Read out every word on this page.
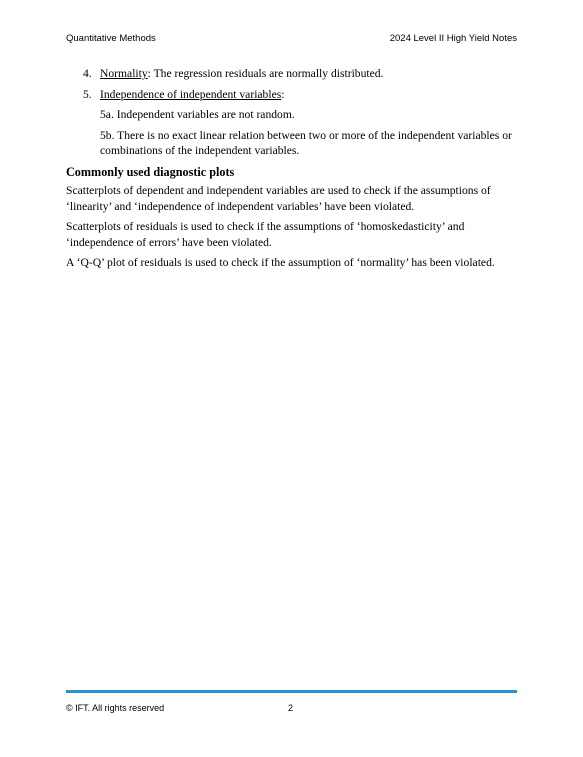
Quantitative Methods	2024 Level II High Yield Notes
4. Normality: The regression residuals are normally distributed.
5. Independence of independent variables:
5a. Independent variables are not random.
5b. There is no exact linear relation between two or more of the independent variables or combinations of the independent variables.
Commonly used diagnostic plots
Scatterplots of dependent and independent variables are used to check if the assumptions of ‘linearity’ and ‘independence of independent variables’ have been violated.
Scatterplots of residuals is used to check if the assumptions of ‘homoskedasticity’ and ‘independence of errors’ have been violated.
A ‘Q-Q’ plot of residuals is used to check if the assumption of ‘normality’ has been violated.
© IFT. All rights reserved	2
